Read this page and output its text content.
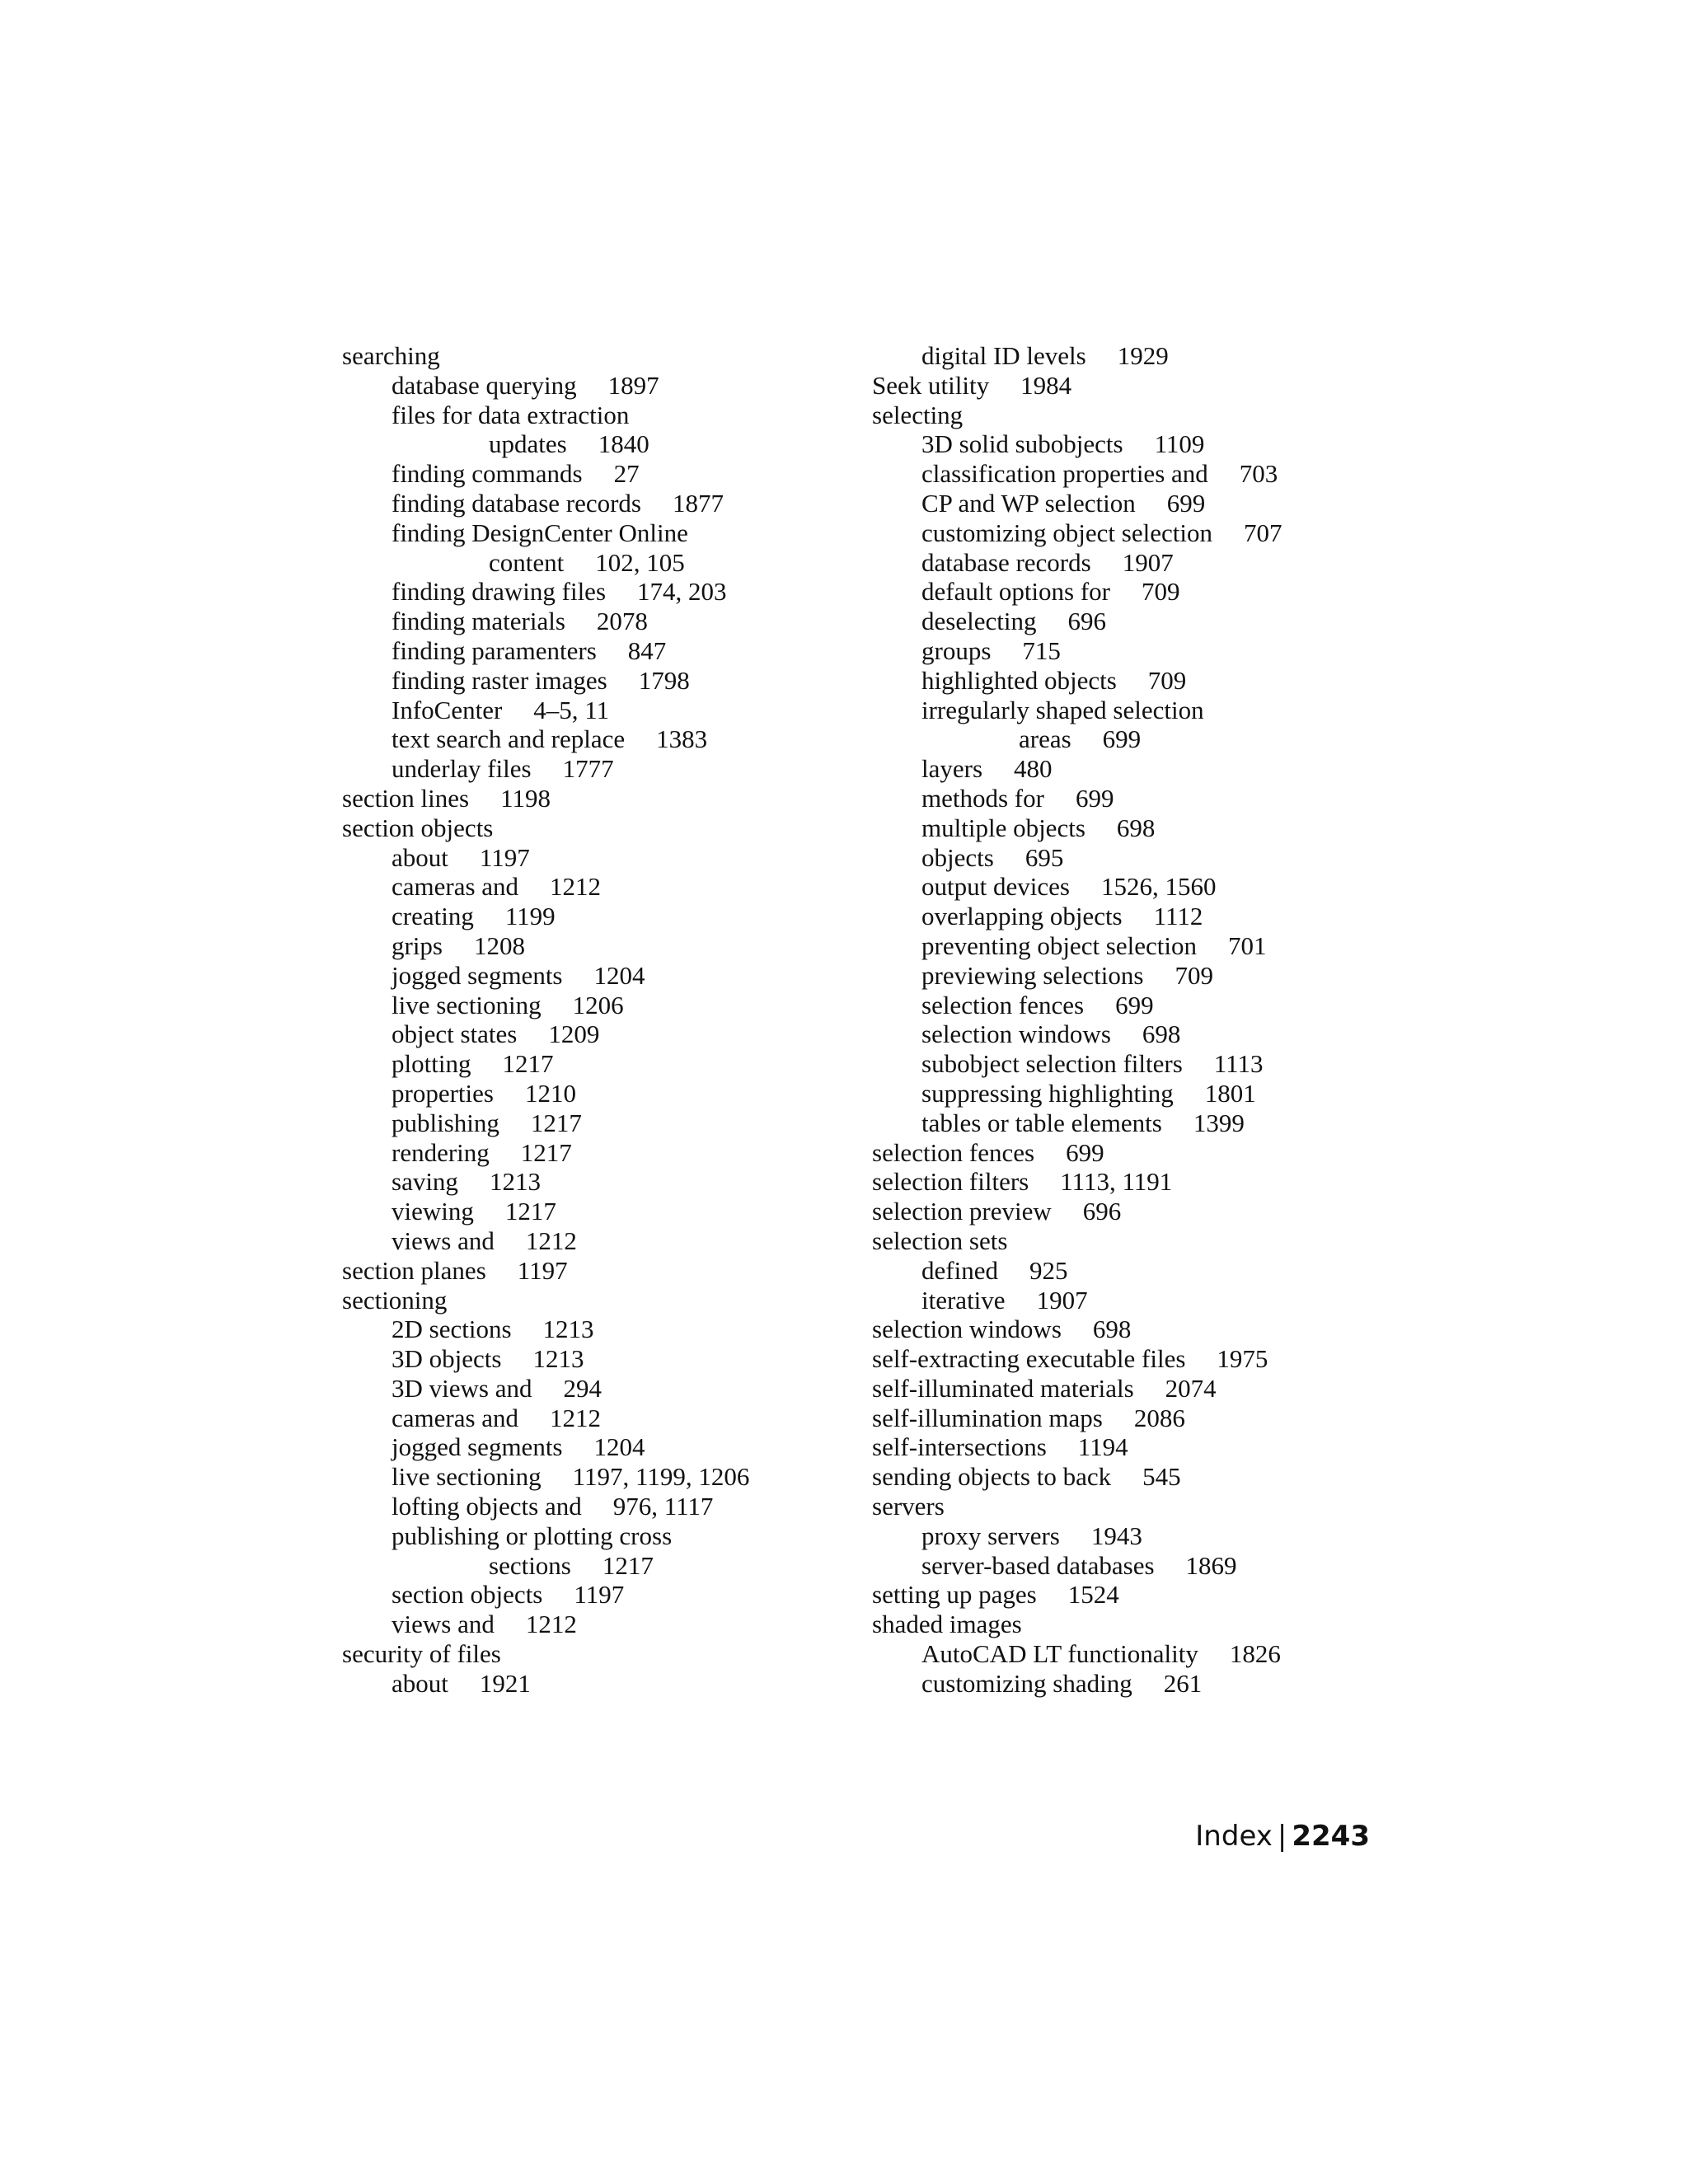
searching
database querying 1897
files for data extraction
updates 1840
finding commands 27
finding database records 1877
finding DesignCenter Online
content 102, 105
finding drawing files 174, 203
finding materials 2078
finding paramenters 847
finding raster images 1798
InfoCenter 4–5, 11
text search and replace 1383
underlay files 1777
section lines 1198
section objects
about 1197
cameras and 1212
creating 1199
grips 1208
jogged segments 1204
live sectioning 1206
object states 1209
plotting 1217
properties 1210
publishing 1217
rendering 1217
saving 1213
viewing 1217
views and 1212
section planes 1197
sectioning
2D sections 1213
3D objects 1213
3D views and 294
cameras and 1212
jogged segments 1204
live sectioning 1197, 1199, 1206
lofting objects and 976, 1117
publishing or plotting cross
sections 1217
section objects 1197
views and 1212
security of files
about 1921
digital ID levels 1929
Seek utility 1984
selecting
3D solid subobjects 1109
classification properties and 703
CP and WP selection 699
customizing object selection 707
database records 1907
default options for 709
deselecting 696
groups 715
highlighted objects 709
irregularly shaped selection
areas 699
layers 480
methods for 699
multiple objects 698
objects 695
output devices 1526, 1560
overlapping objects 1112
preventing object selection 701
previewing selections 709
selection fences 699
selection windows 698
subobject selection filters 1113
suppressing highlighting 1801
tables or table elements 1399
selection fences 699
selection filters 1113, 1191
selection preview 696
selection sets
defined 925
iterative 1907
selection windows 698
self-extracting executable files 1975
self-illuminated materials 2074
self-illumination maps 2086
self-intersections 1194
sending objects to back 545
servers
proxy servers 1943
server-based databases 1869
setting up pages 1524
shaded images
AutoCAD LT functionality 1826
customizing shading 261
Index | 2243
